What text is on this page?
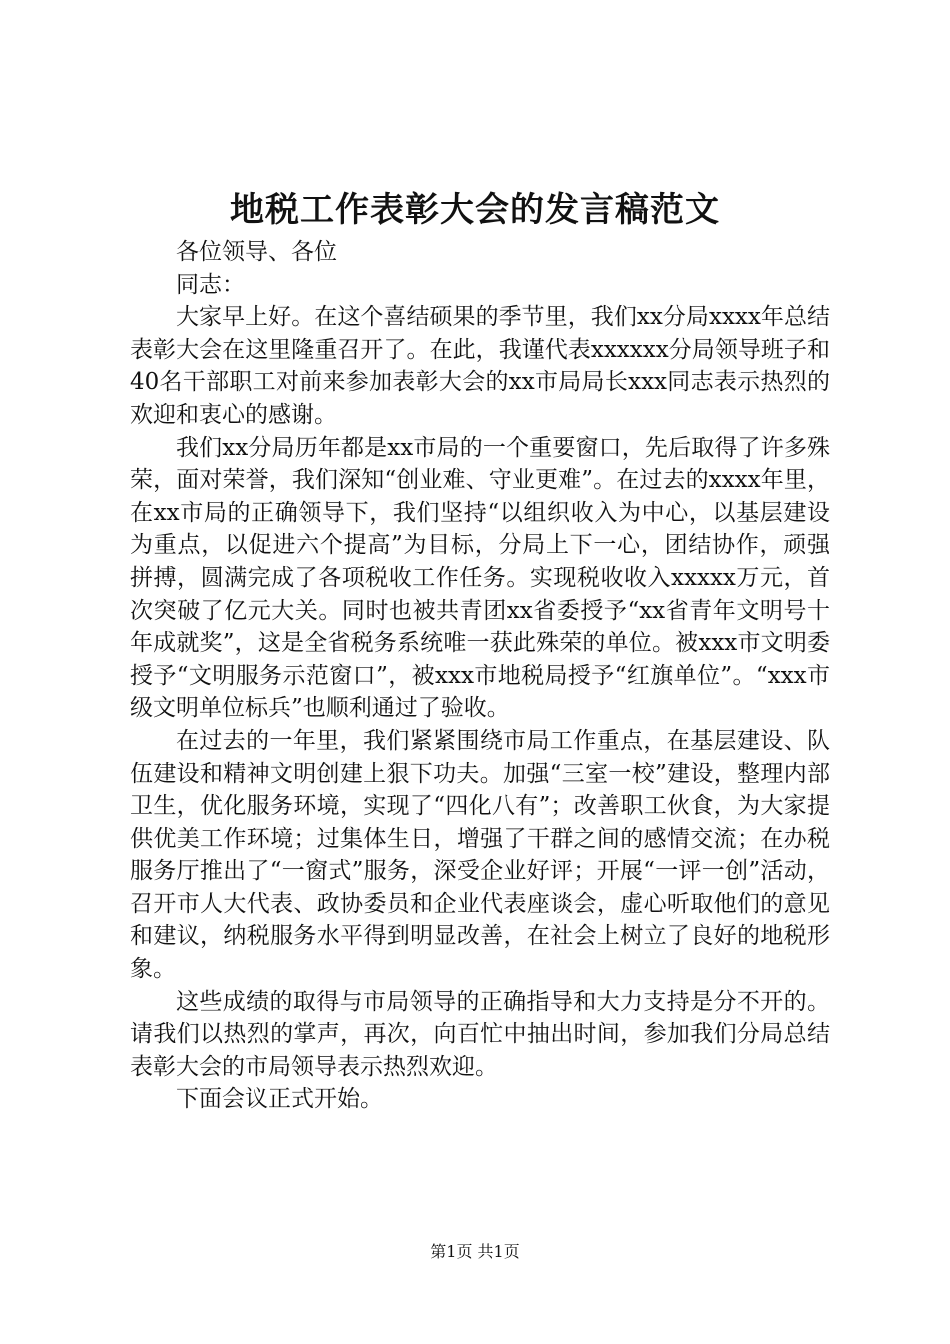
地税工作表彰大会的发言稿范文

各位领导、各位

同志：

大家早上好。在这个喜结硕果的季节里，我们xx分局xxxx年总结表彰大会在这里隆重召开了。在此，我谨代表xxxxxx分局领导班子和40名干部职工对前来参加表彰大会的xx市局局长xxx同志表示热烈的欢迎和衷心的感谢。

我们xx分局历年都是xx市局的一个重要窗口，先后取得了许多殊荣，面对荣誉，我们深知“创业难、守业更难”。在过去的xxxx年里，在xx市局的正确领导下，我们坚持“以组织收入为中心，以基层建设为重点，以促进六个提高”为目标，分局上下一心，团结协作，顽强拼搏，圆满完成了各项税收工作任务。实现税收收入xxxxx万元，首次突破了亿元大关。同时也被共青团xx省委授予“xx省青年文明号十年成就奖”，这是全省税务系统唯一获此殊荣的单位。被xxx市文明委授予“文明服务示范窗口”，被xxx市地税局授予“红旗单位”。“xxx市级文明单位标兵”也顺利通过了验收。

在过去的一年里，我们紧紧围绕市局工作重点，在基层建设、队伍建设和精神文明创建上狠下功夫。加强“三室一校”建设，整理内部卫生，优化服务环境，实现了“四化八有”；改善职工伙食，为大家提供优美工作环境；过集体生日，增强了干群之间的感情交流；在办税服务厅推出了“一窗式”服务，深受企业好评；开展“一评一创”活动，召开市人大代表、政协委员和企业代表座谈会，虚心听取他们的意见和建议，纳税服务水平得到明显改善，在社会上树立了良好的地税形象。

这些成绩的取得与市局领导的正确指导和大力支持是分不开的。请我们以热烈的掌声，再次，向百忙中抽出时间，参加我们分局总结表彰大会的市局领导表示热烈欢迎。

下面会议正式开始。

第1页 共1页
